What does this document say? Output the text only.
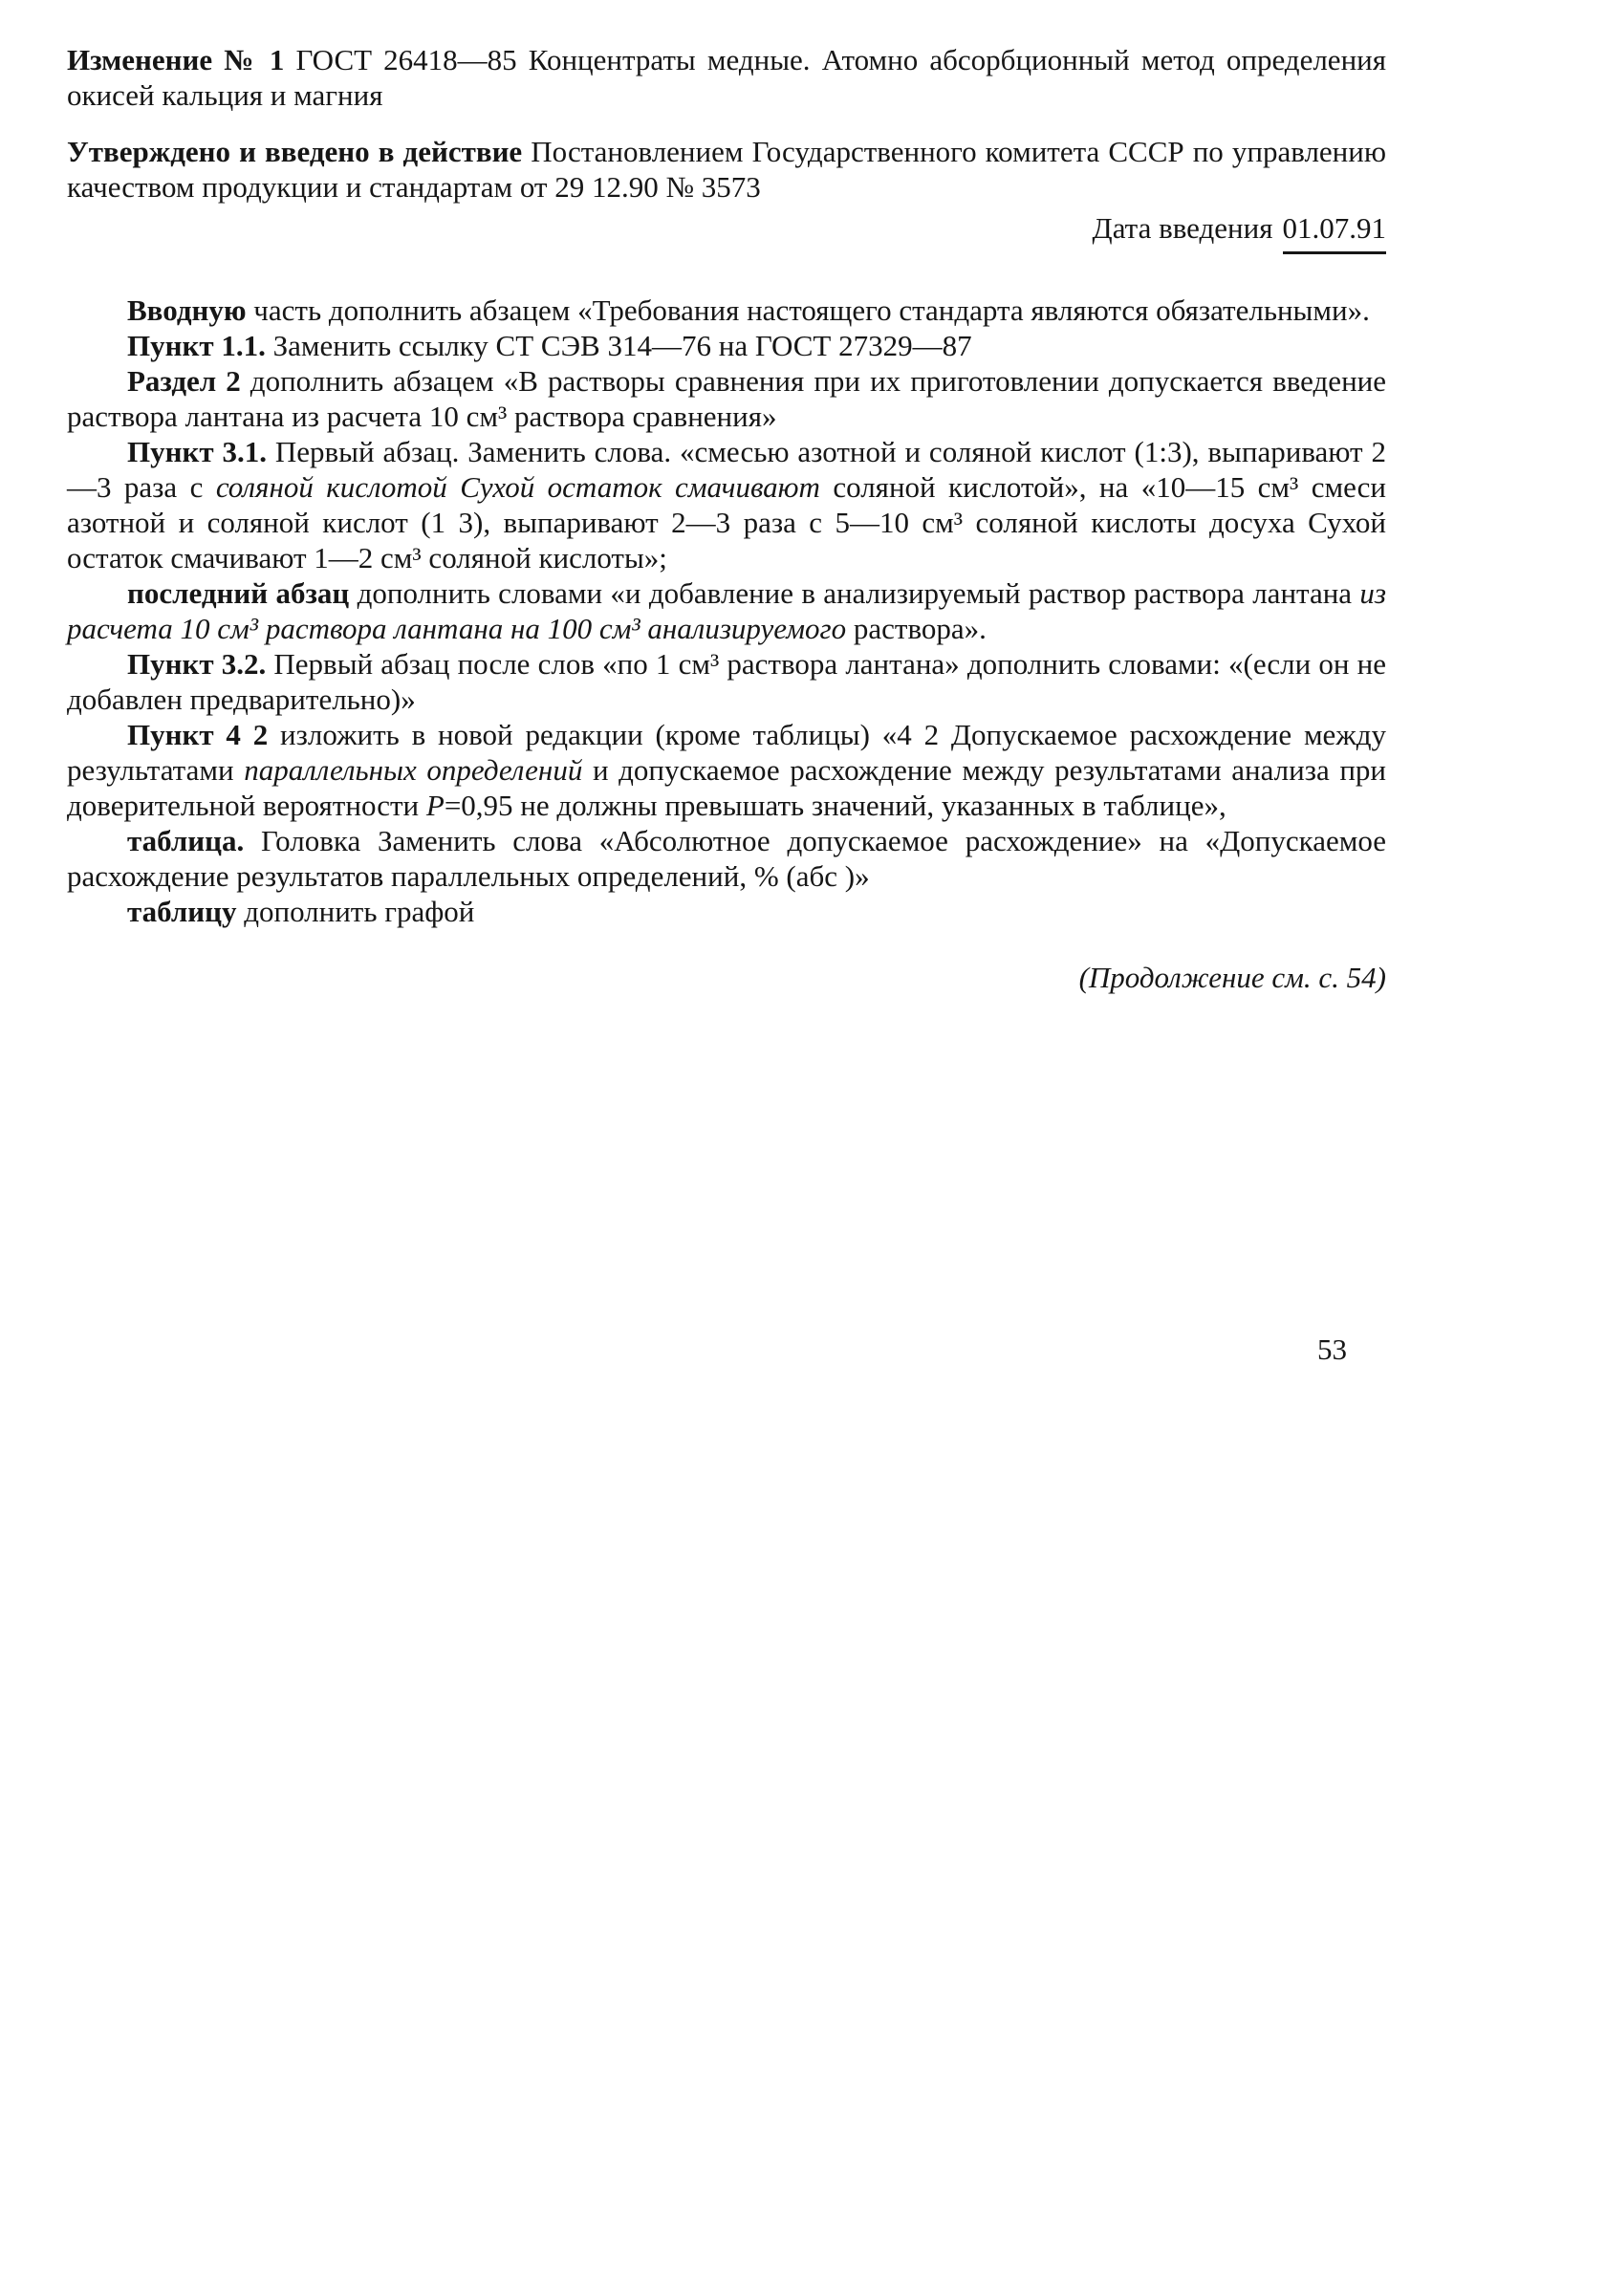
Изменение № 1 ГОСТ 26418—85 Концентраты медные. Атомно абсорбционный метод определения окисей кальция и магния

Утверждено и введено в действие Постановлением Государственного комитета СССР по управлению качеством продукции и стандартам от 29 12.90 № 3573

Дата введения 01.07.91

Вводную часть дополнить абзацем «Требования настоящего стандарта являются обязательными».

Пункт 1.1. Заменить ссылку СТ СЭВ 314—76 на ГОСТ 27329—87

Раздел 2 дополнить абзацем «В растворы сравнения при их приготовлении допускается введение раствора лантана из расчета 10 см³ раствора сравнения»

Пункт 3.1. Первый абзац. Заменить слова. «смесью азотной и соляной кислот (1:3), выпаривают 2—3 раза с соляной кислотой Сухой остаток смачивают соляной кислотой», на «10—15 см³ смеси азотной и соляной кислот (1 3), выпаривают 2—3 раза с 5—10 см³ соляной кислоты досуха Сухой остаток смачивают 1—2 см³ соляной кислоты»;

последний абзац дополнить словами «и добавление в анализируемый раствор раствора лантана из расчета 10 см³ раствора лантана на 100 см³ анализируемого раствора».

Пункт 3.2. Первый абзац после слов «по 1 см³ раствора лантана» дополнить словами: «(если он не добавлен предварительно)»

Пункт 4 2 изложить в новой редакции (кроме таблицы) «4 2 Допускаемое расхождение между результатами параллельных определений и допускаемое расхождение между результатами анализа при доверительной вероятности P=0,95 не должны превышать значений, указанных в таблице»,

таблица. Головка Заменить слова «Абсолютное допускаемое расхождение» на «Допускаемое расхождение результатов параллельных определений, % (абс )»

таблицу дополнить графой

(Продолжение см. с. 54)
53
